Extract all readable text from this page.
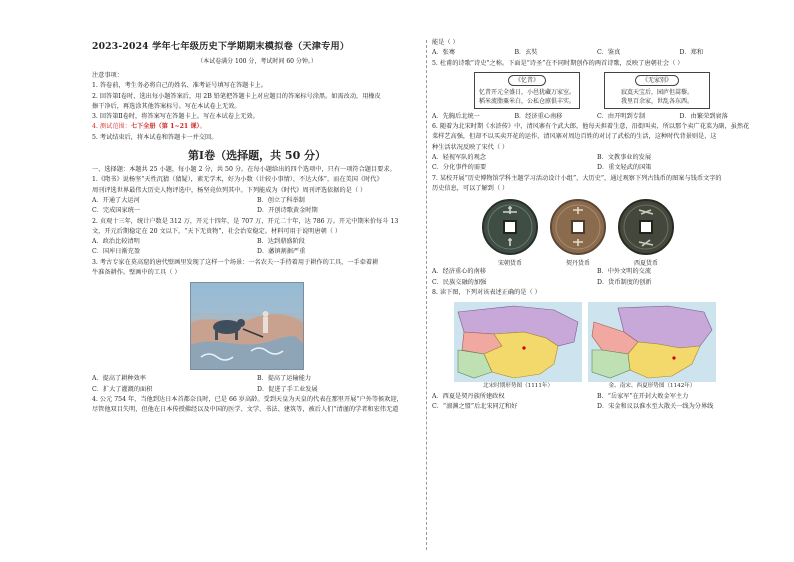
2023-2024 学年七年级历史下学期期末模拟卷（天津专用）
（本试卷满分 100 分，考试时间 60 分钟。）
注意事项：
1. 答卷前，考生务必将自己的姓名、准考证号填写在答题卡上。
2. 回答第Ⅰ卷时，选出每小题答案后，用 2B 铅笔把答题卡上对应题目的答案标号涂黑。如需改动，用橡皮
擦干净后，再选涂其他答案标号。写在本试卷上无效。
3. 回答第Ⅱ卷时，将答案写在答题卡上。写在本试卷上无效。
4. 测试范围：七下全册（第 1~21 课）。
5. 考试结束后，将本试卷和答题卡一并交回。
第Ⅰ卷（选择题，共 50 分）
一、选择题：本题共 25 小题，每小题 2 分，共 50 分。在每小题给出的四个选项中，只有一项符合题目要求。
1.《隋书》说杨坚“天性沉猜（猜疑），素无学术，好为小数（计较小事情），不达大体”，而在美国《时代》
周刊评选世界最伟大历史人物评选中，杨坚竟位列其中。下列能成为《时代》周刊评选依据的是（ ）
A．开通了大运河	B．创立了科举制
C．完成国家统一	D．开创诗歌黄金时期
2. 贞观十三年，统计户数是 312 万，开元十四年，是 707 万，开元二十年，达 786 万。开元中期米价每斗 13
文，开元后期稳定在 20 文以下，“天下无贵物”，社会治安稳定。材料可用于说明唐朝（ ）
A．政治比较清明	B．达到鼎盛阶段
C．国库日渐充盈	D．藩镇割据严重
3. 考古专家在莫高窟的唐代壁画里发现了这样一个场景：一名农夫一手持着用于耕作的工具，一手牵着耕
牛准备耕作。壁画中的工具（ ）
A．提高了耕种效率	B．提高了运输能力
C．扩大了灌溉的面积	D．促进了手工业发展
4. 公元 754 年，当他到达日本首都奈良时，已是 66 岁高龄。受到天皇为天皇的代表在那里开展“户外等候欢迎，
尽管他双目失明，但他在日本传授佛经以及中国的医学、文学、书法、建筑等，被后人们“清谨的学者和宏伟无道
能是（ ）
A．张骞	B．玄奘	C．鉴真	D．郑和
5. 杜甫的诗歌“诗史”之称。下面是“诗圣”在不同时期创作的两首诗歌，反映了唐朝社会（ ）
《忆昔》
忆昔开元全盛日，小邑犹藏万家室。
稻米流脂粟米白，公私仓廪俱丰实。
《无家别》
寂寞天宝后，园庐但蒿藜。
我里百余家，世乱各东西。
A．先胸后北统一	B．经济重心南移	C．由开明到专制	D．由繁荣到衰落
6. 随着为北宋时期《水浒传》中，清风寨有个武大郎，他每天担着生意，沿街叫卖，所以那个卖广花菜为副，虽然花
菜样艺高强，但却不以买卖开花的运作，清风寨对周边百姓的对讨了武松的生活，这种时代背景则是，这
种生活状况反映了宋代（ ）
A．轻视军队的观念	B．文教事业的发展
C．分化事件的需要	D．重文轻武的国策
7. 某校开展“历史博物馆学科主题学习活动设计小组”，大历史”，通过观察下列古钱币的图案与钱币文字的
历史信息，可以了解到（ ）
宋朝货币	契丹货币	西夏货币
A．经济重心的南移	B．中外文明的交流
C．民族交融的加强	D．货币制度的创新
8. 读下图，下列对该表述正确的是（ ）
北宋时期形势图（1111年）	金、南宋、西夏形势图（1142年）
A．西夏是契丹族所建政权	B．“岳家军”在开封大败金军主力
C．“澶渊之盟”后北宋同辽和好	D．宋金和议以淮水至大散关一线为分界线
